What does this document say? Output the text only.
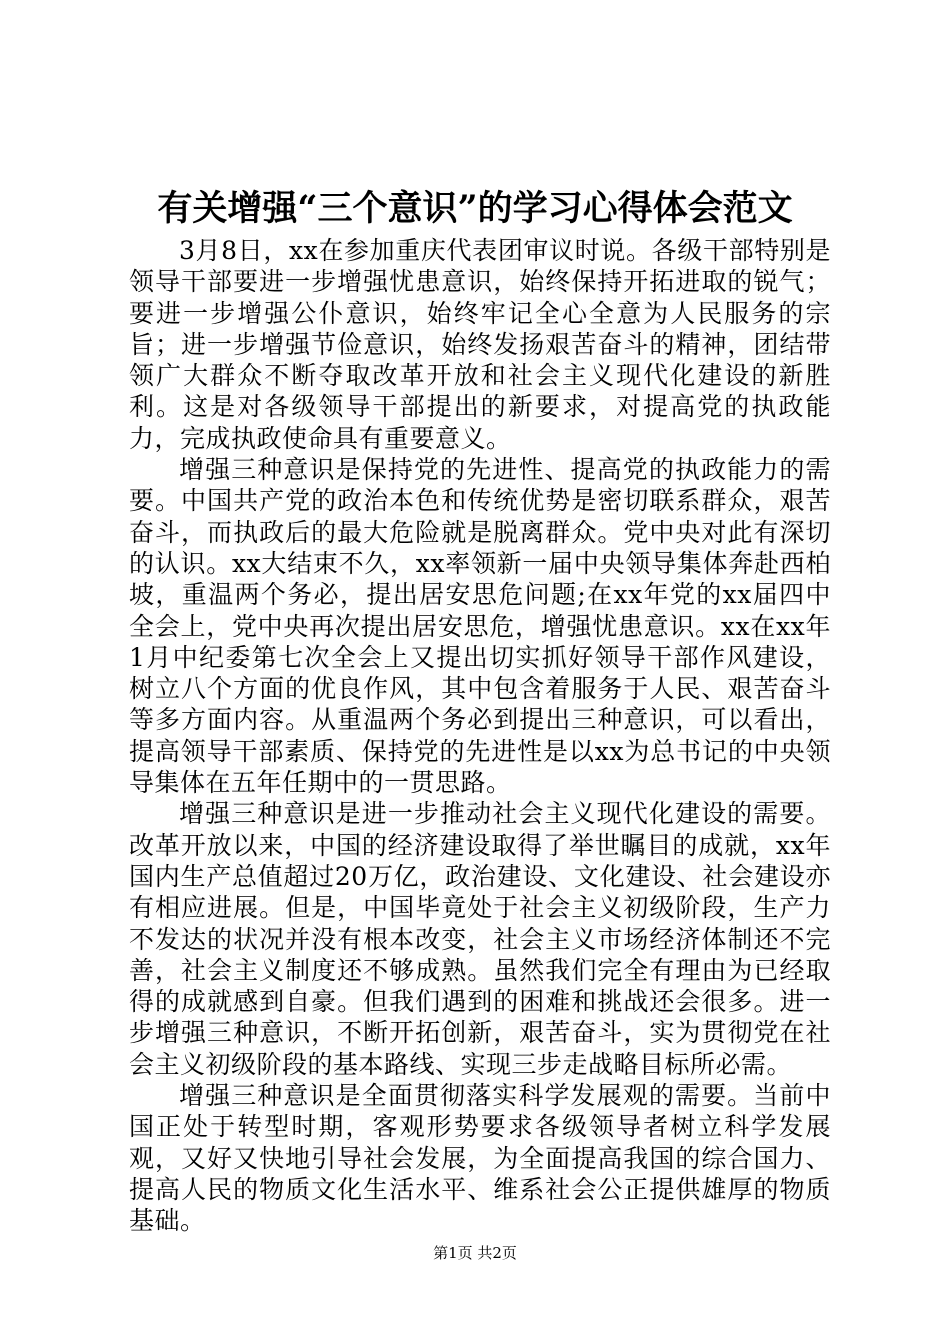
有关增强“三个意识”的学习心得体会范文

3月8日，xx在参加重庆代表团审议时说。各级干部特别是领导干部要进一步增强忧患意识，始终保持开拓进取的锐气；要进一步增强公仆意识，始终牢记全心全意为人民服务的宗旨；进一步增强节俭意识，始终发扬艰苦奋斗的精神，团结带领广大群众不断夺取改革开放和社会主义现代化建设的新胜利。这是对各级领导干部提出的新要求，对提高党的执政能力，完成执政使命具有重要意义。

增强三种意识是保持党的先进性、提高党的执政能力的需要。中国共产党的政治本色和传统优势是密切联系群众，艰苦奋斗，而执政后的最大危险就是脱离群众。党中央对此有深切的认识。xx大结束不久，xx率领新一届中央领导集体奔赴西柏坡，重温两个务必，提出居安思危问题;在xx年党的xx届四中全会上，党中央再次提出居安思危，增强忧患意识。xx在xx年1月中纪委第七次全会上又提出切实抓好领导干部作风建设，树立八个方面的优良作风，其中包含着服务于人民、艰苦奋斗等多方面内容。从重温两个务必到提出三种意识，可以看出，提高领导干部素质、保持党的先进性是以xx为总书记的中央领导集体在五年任期中的一贯思路。

增强三种意识是进一步推动社会主义现代化建设的需要。改革开放以来，中国的经济建设取得了举世瞩目的成就，xx年国内生产总值超过20万亿，政治建设、文化建设、社会建设亦有相应进展。但是，中国毕竟处于社会主义初级阶段，生产力不发达的状况并没有根本改变，社会主义市场经济体制还不完善，社会主义制度还不够成熟。虽然我们完全有理由为已经取得的成就感到自豪。但我们遇到的困难和挑战还会很多。进一步增强三种意识，不断开拓创新，艰苦奋斗，实为贯彻党在社会主义初级阶段的基本路线、实现三步走战略目标所必需。

增强三种意识是全面贯彻落实科学发展观的需要。当前中国正处于转型时期，客观形势要求各级领导者树立科学发展观，又好又快地引导社会发展，为全面提高我国的综合国力、提高人民的物质文化生活水平、维系社会公正提供雄厚的物质基础。

第1页 共2页
